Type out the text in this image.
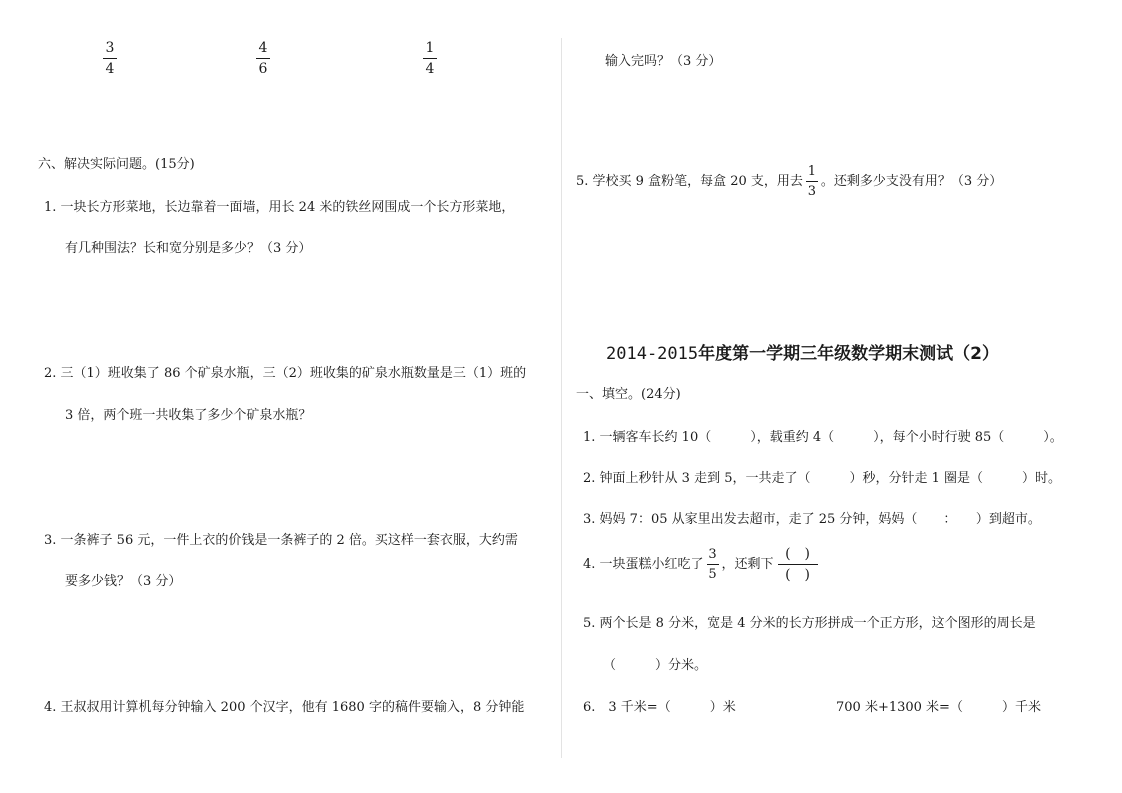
3
4
4
6
1
4
六、解决实际问题。(15分)
1. 一块长方形菜地，长边靠着一面墙，用长 24 米的铁丝网围成一个长方形菜地，
有几种围法？长和宽分别是多少？（3 分）
2. 三（1）班收集了 86 个矿泉水瓶，三（2）班收集的矿泉水瓶数量是三（1）班的
3 倍，两个班一共收集了多少个矿泉水瓶？
3. 一条裤子 56 元，一件上衣的价钱是一条裤子的 2 倍。买这样一套衣服，大约需
要多少钱？（3 分）
4. 王叔叔用计算机每分钟输入 200 个汉字，他有 1680 字的稿件要输入，8 分钟能
输入完吗？（3 分）
5. 学校买 9 盒粉笔，每盒 20 支，用去 $\frac{1}{3}$ 。还剩多少支没有用？（3 分）
2014-2015年度第一学期三年级数学期末测试（2）
一、填空。(24分)
1. 一辆客车长约 10（　　　），载重约 4（　　　），每个小时行驶 85（　　　）。
2. 钟面上秒针从 3 走到 5，一共走了（　　　）秒，分针走 1 圈是（　　　）时。
3. 妈妈 7：05 从家里出发去超市，走了 25 分钟，妈妈（　　：　　）到超市。
4. 一块蛋糕小红吃了 $\frac{3}{5}$ ，还剩下
(　)
(　)
5. 两个长是 8 分米，宽是 4 分米的长方形拼成一个正方形，这个图形的周长是
（　　　）分米。
6.　3 千米=（　　　）米	700 米+1300 米=（　　　）千米
